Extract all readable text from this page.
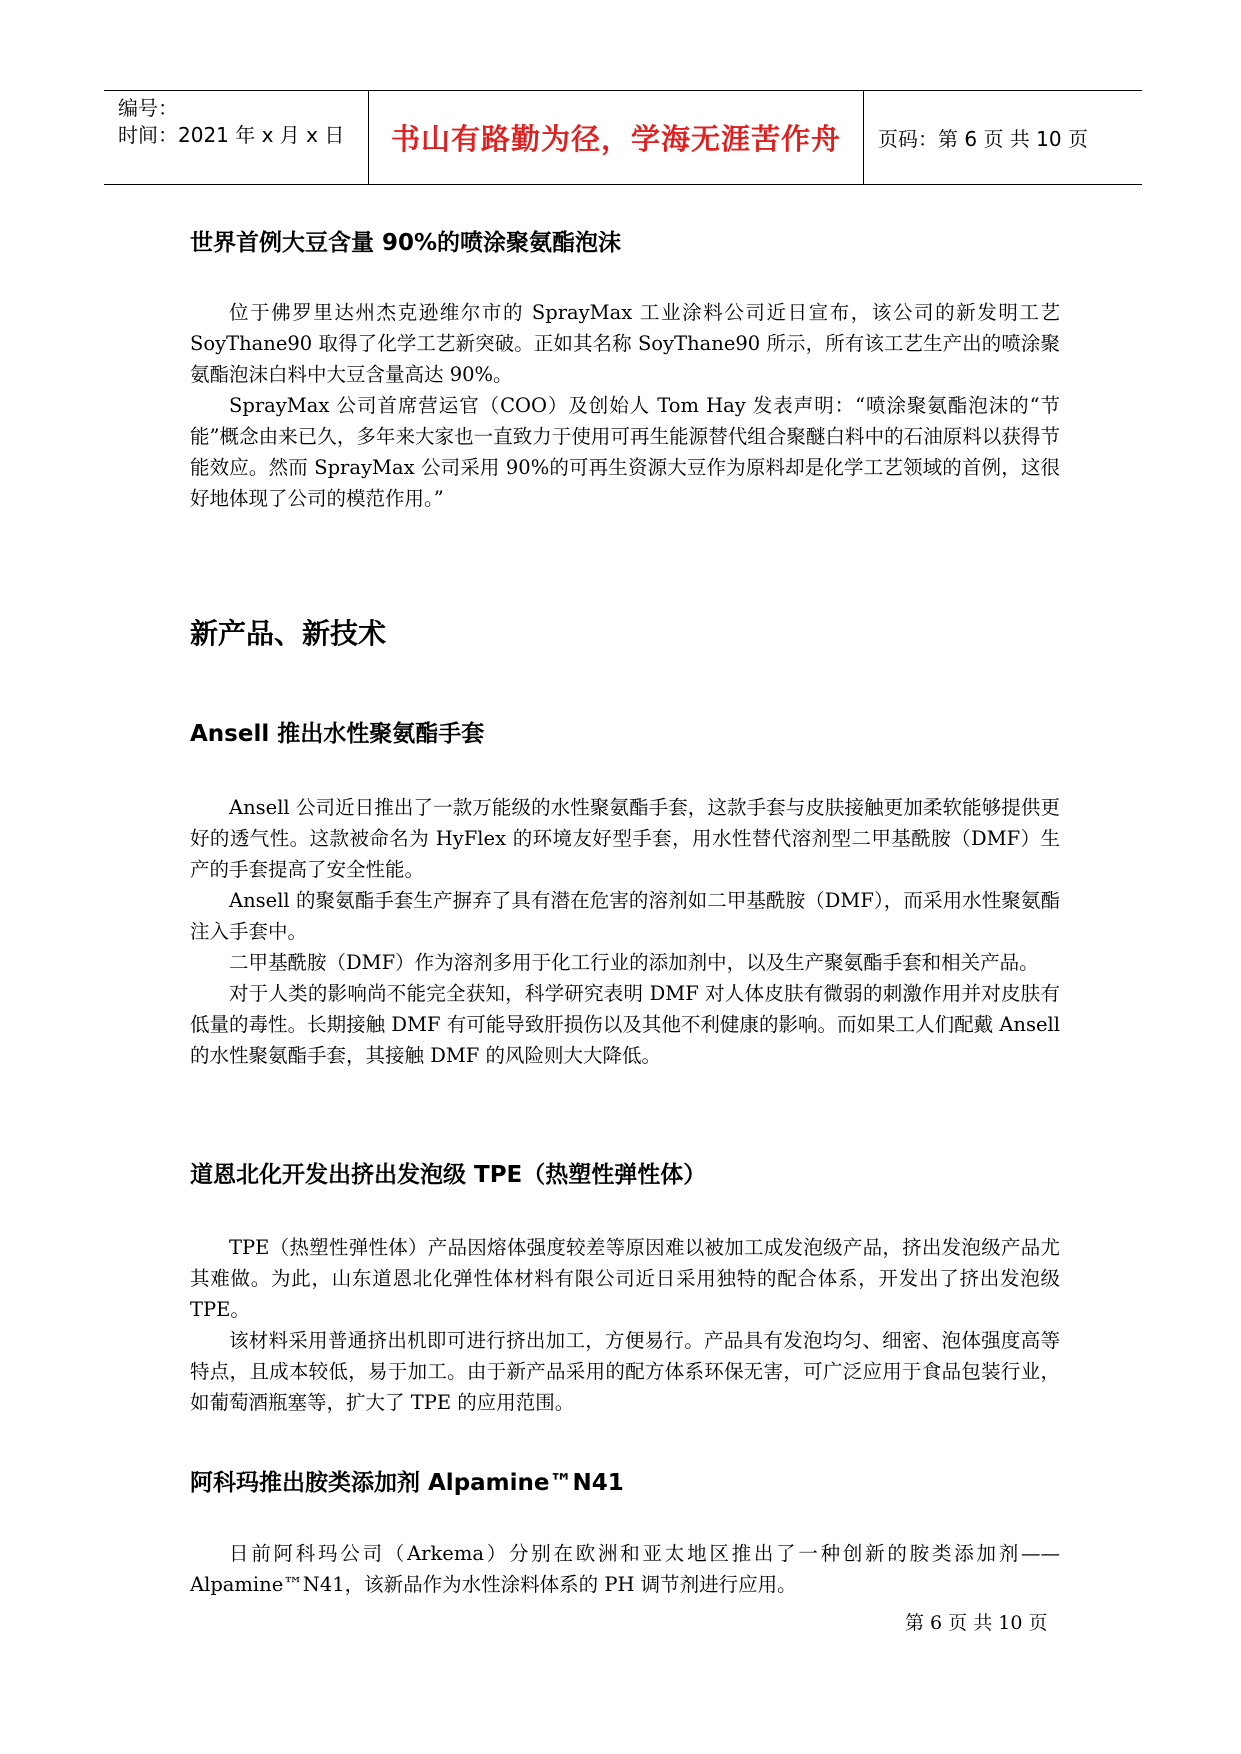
编号：
时间：2021 年 x 月 x 日	书山有路勤为径，学海无涯苦作舟 页码：第 6 页 共 10 页
世界首例大豆含量 90%的喷涂聚氨酯泡沫

位于佛罗里达州杰克逊维尔市的 SprayMax 工业涂料公司近日宣布，该公司的新发明工艺 SoyThane90 取得了化学工艺新突破。正如其名称 SoyThane90 所示，所有该工艺生产出的喷涂聚氨酯泡沫白料中大豆含量高达 90%。

SprayMax 公司首席营运官（COO）及创始人 Tom Hay 发表声明：“喷涂聚氨酯泡沫的“节能”概念由来已久，多年来大家也一直致力于使用可再生能源替代组合聚醚白料中的石油原料以获得节能效应。然而 SprayMax 公司采用 90%的可再生资源大豆作为原料却是化学工艺领域的首例，这很好地体现了公司的模范作用。”

新产品、新技术
Ansell 推出水性聚氨酯手套

Ansell 公司近日推出了一款万能级的水性聚氨酯手套，这款手套与皮肤接触更加柔软能够提供更好的透气性。这款被命名为 HyFlex 的环境友好型手套，用水性替代溶剂型二甲基酰胺（DMF）生产的手套提高了安全性能。

Ansell 的聚氨酯手套生产摒弃了具有潜在危害的溶剂如二甲基酰胺（DMF），而采用水性聚氨酯注入手套中。

二甲基酰胺（DMF）作为溶剂多用于化工行业的添加剂中，以及生产聚氨酯手套和相关产品。

对于人类的影响尚不能完全获知，科学研究表明 DMF 对人体皮肤有微弱的刺激作用并对皮肤有低量的毒性。长期接触 DMF 有可能导致肝损伤以及其他不利健康的影响。而如果工人们配戴 Ansell 的水性聚氨酯手套，其接触 DMF 的风险则大大降低。

道恩北化开发出挤出发泡级 TPE（热塑性弹性体）

TPE（热塑性弹性体）产品因熔体强度较差等原因难以被加工成发泡级产品，挤出发泡级产品尤其难做。为此，山东道恩北化弹性体材料有限公司近日采用独特的配合体系，开发出了挤出发泡级 TPE。

该材料采用普通挤出机即可进行挤出加工，方便易行。产品具有发泡均匀、细密、泡体强度高等特点，且成本较低，易于加工。由于新产品采用的配方体系环保无害，可广泛应用于食品包装行业，如葡萄酒瓶塞等，扩大了 TPE 的应用范围。

阿科玛推出胺类添加剂 Alpamine™N41

日前阿科玛公司（Arkema）分别在欧洲和亚太地区推出了一种创新的胺类添加剂——Alpamine™N41，该新品作为水性涂料体系的 PH 调节剂进行应用。

第 6 页 共 10 页
